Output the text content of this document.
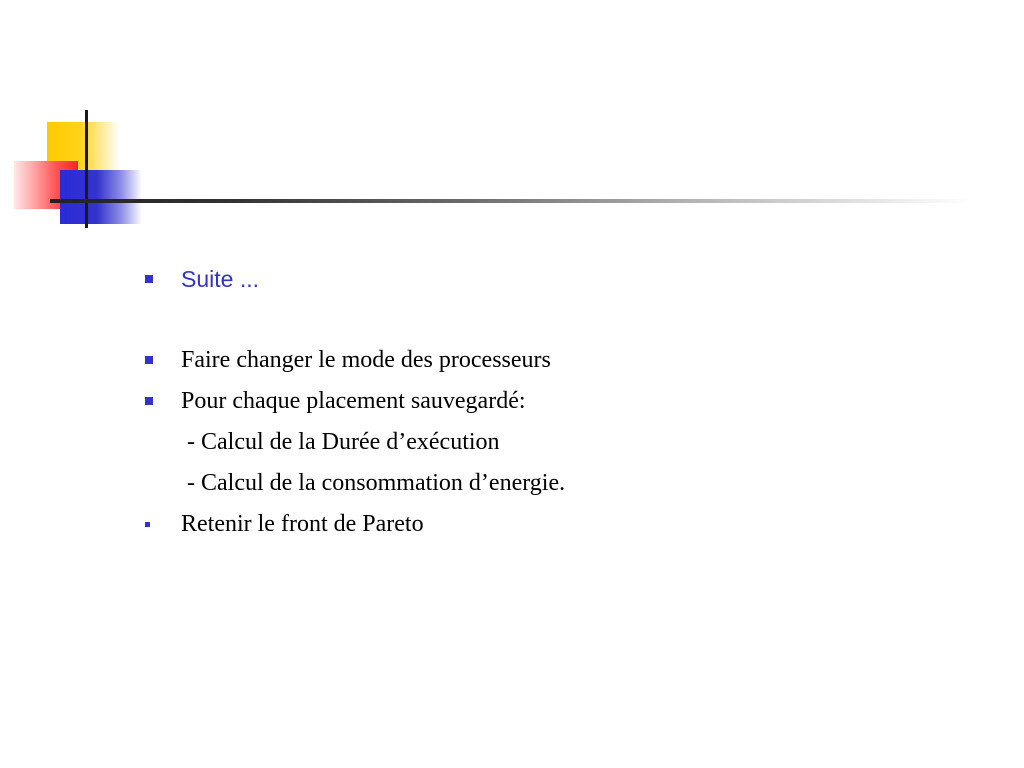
Suite ...
Faire changer le mode des processeurs
Pour chaque placement sauvegardé:
- Calcul de la Durée d’exécution
- Calcul de la consommation d’energie.
Retenir le front de Pareto
